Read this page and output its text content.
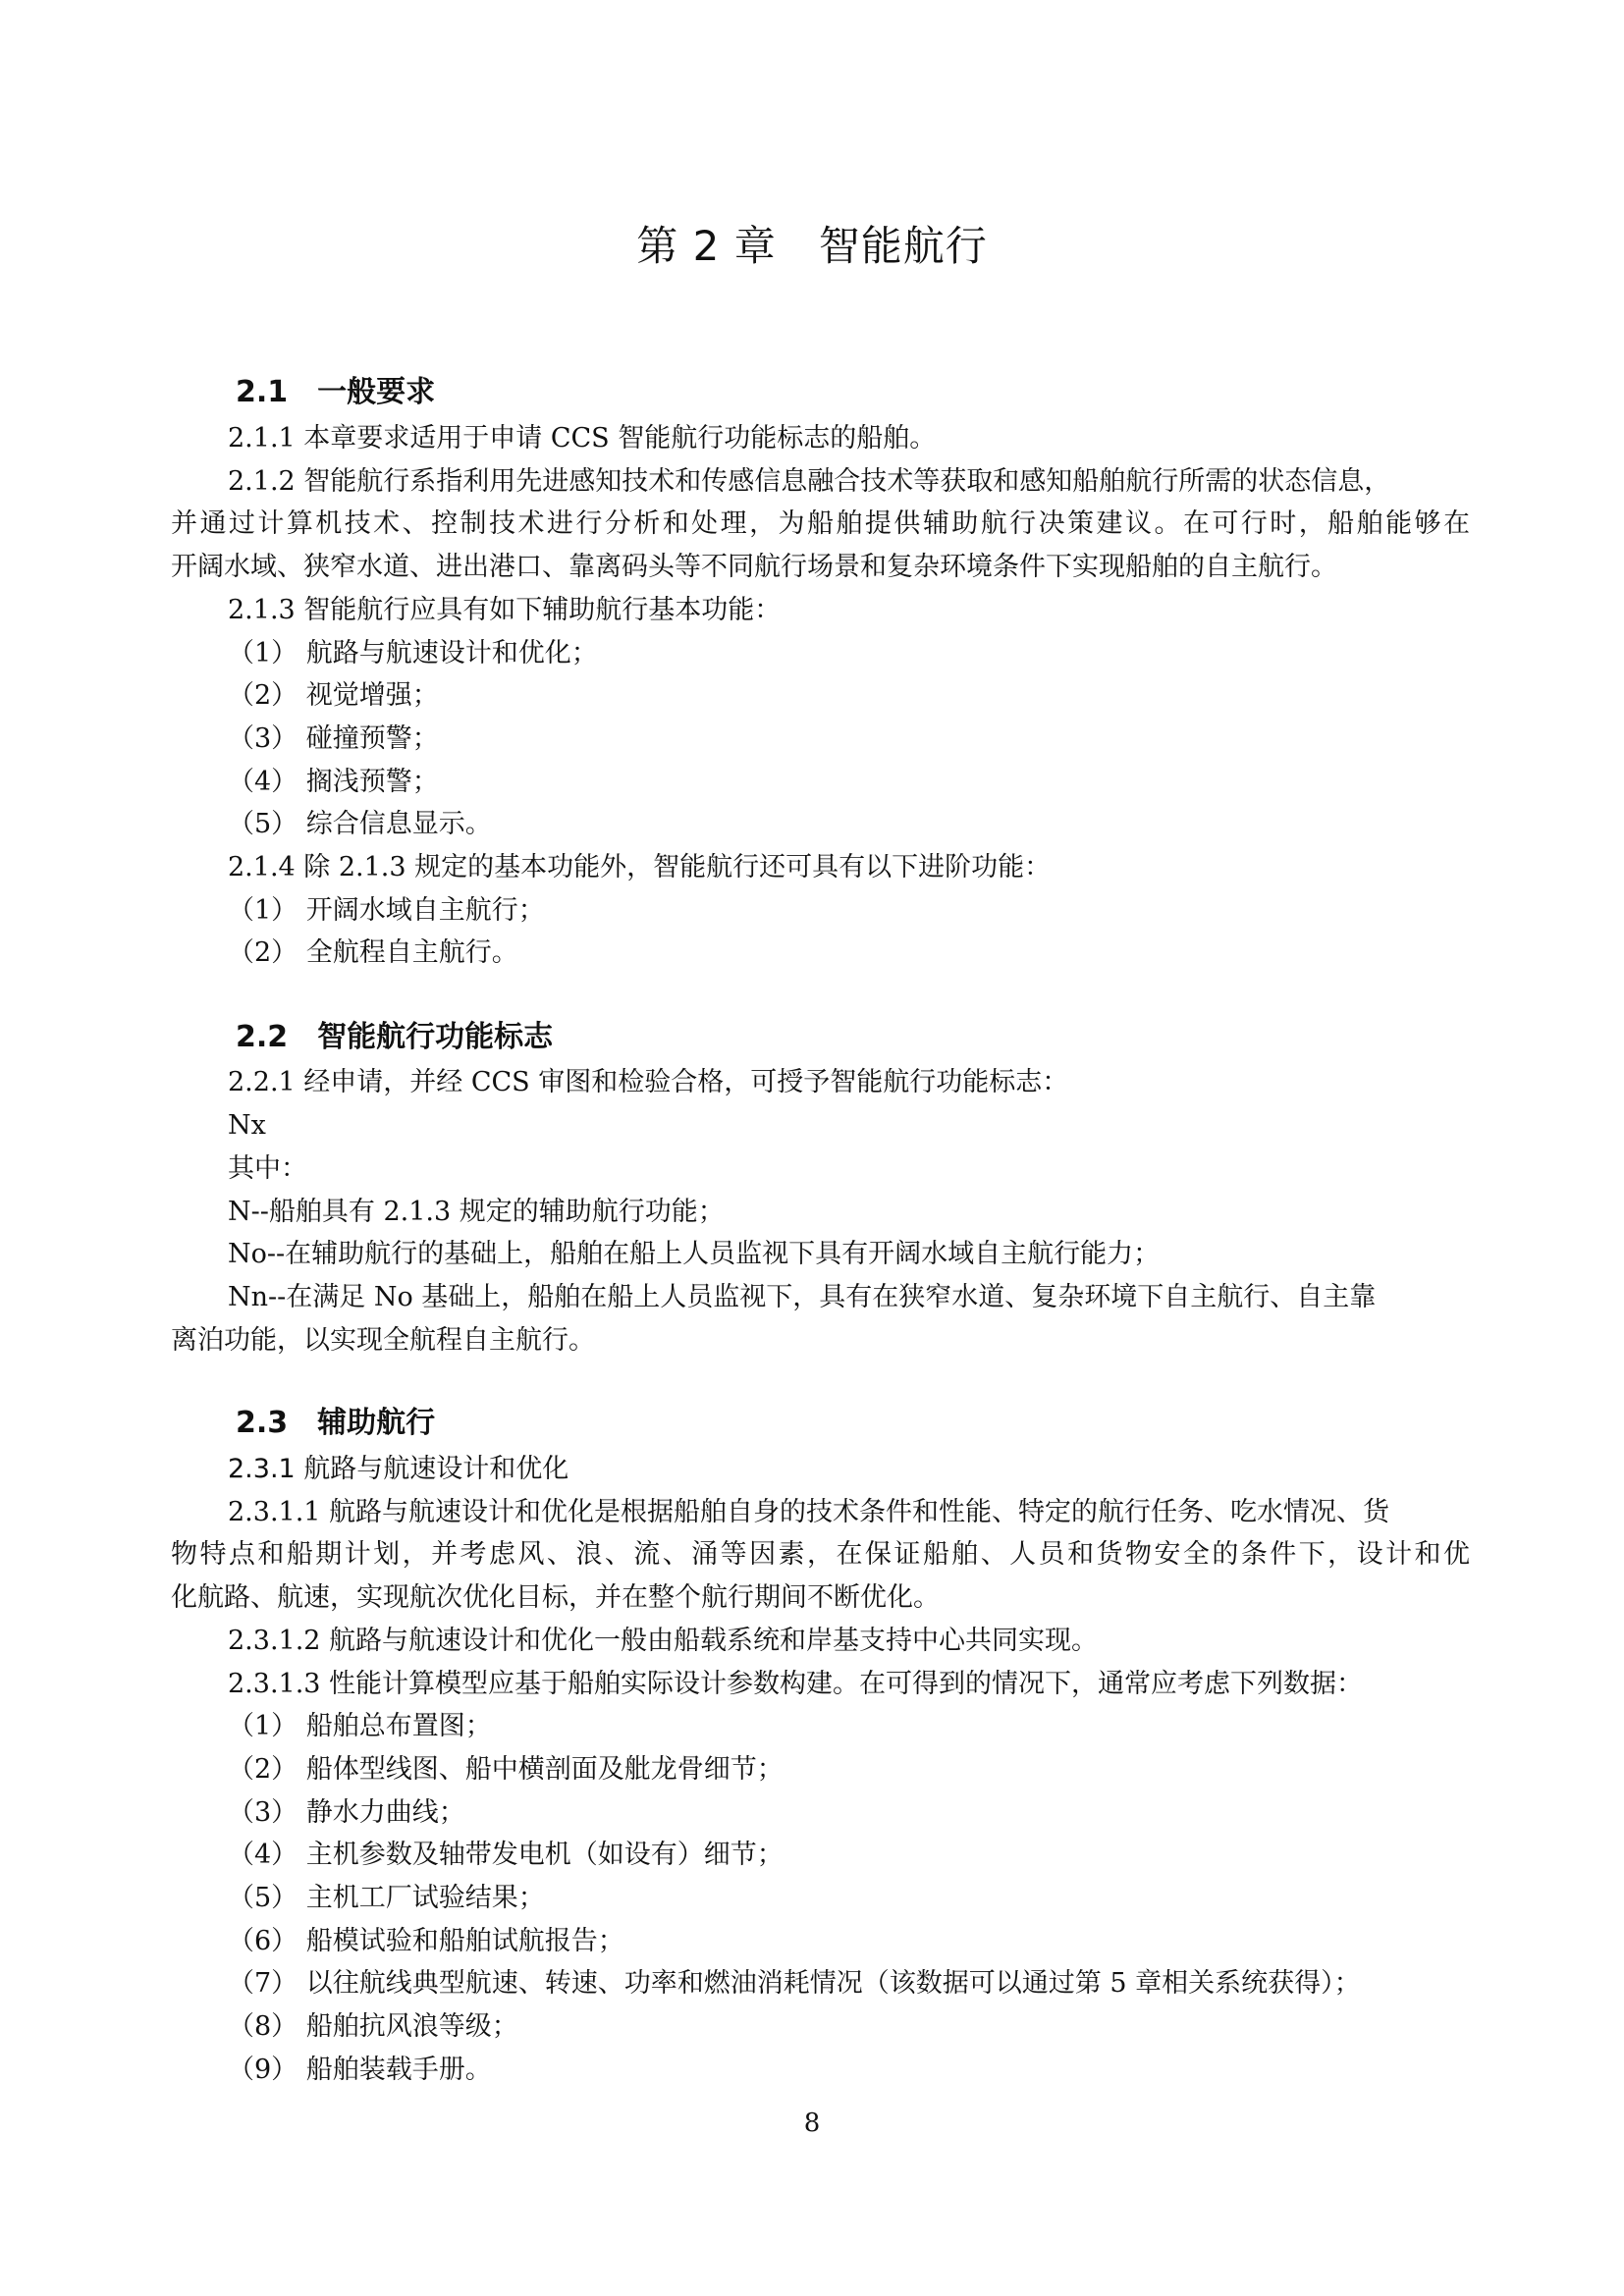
第 2 章　智能航行
2.1　一般要求
2.1.1 本章要求适用于申请 CCS 智能航行功能标志的船舶。
2.1.2 智能航行系指利用先进感知技术和传感信息融合技术等获取和感知船舶航行所需的状态信息，
并通过计算机技术、控制技术进行分析和处理，为船舶提供辅助航行决策建议。在可行时，船舶能够在
开阔水域、狭窄水道、进出港口、靠离码头等不同航行场景和复杂环境条件下实现船舶的自主航行。
2.1.3 智能航行应具有如下辅助航行基本功能：
（1） 航路与航速设计和优化；
（2） 视觉增强；
（3） 碰撞预警；
（4） 搁浅预警；
（5） 综合信息显示。
2.1.4 除 2.1.3 规定的基本功能外，智能航行还可具有以下进阶功能：
（1） 开阔水域自主航行；
（2） 全航程自主航行。
2.2　智能航行功能标志
2.2.1 经申请，并经 CCS 审图和检验合格，可授予智能航行功能标志：
Nx
其中：
N--船舶具有 2.1.3 规定的辅助航行功能；
No--在辅助航行的基础上，船舶在船上人员监视下具有开阔水域自主航行能力；
Nn--在满足 No 基础上，船舶在船上人员监视下，具有在狭窄水道、复杂环境下自主航行、自主靠
离泊功能，以实现全航程自主航行。
2.3　辅助航行
2.3.1 航路与航速设计和优化
2.3.1.1 航路与航速设计和优化是根据船舶自身的技术条件和性能、特定的航行任务、吃水情况、货
物特点和船期计划，并考虑风、浪、流、涌等因素，在保证船舶、人员和货物安全的条件下，设计和优
化航路、航速，实现航次优化目标，并在整个航行期间不断优化。
2.3.1.2 航路与航速设计和优化一般由船载系统和岸基支持中心共同实现。
2.3.1.3 性能计算模型应基于船舶实际设计参数构建。在可得到的情况下，通常应考虑下列数据：
（1） 船舶总布置图；
（2） 船体型线图、船中横剖面及舭龙骨细节；
（3） 静水力曲线；
（4） 主机参数及轴带发电机（如设有）细节；
（5） 主机工厂试验结果；
（6） 船模试验和船舶试航报告；
（7） 以往航线典型航速、转速、功率和燃油消耗情况（该数据可以通过第 5 章相关系统获得）；
（8） 船舶抗风浪等级；
（9） 船舶装载手册。
8
